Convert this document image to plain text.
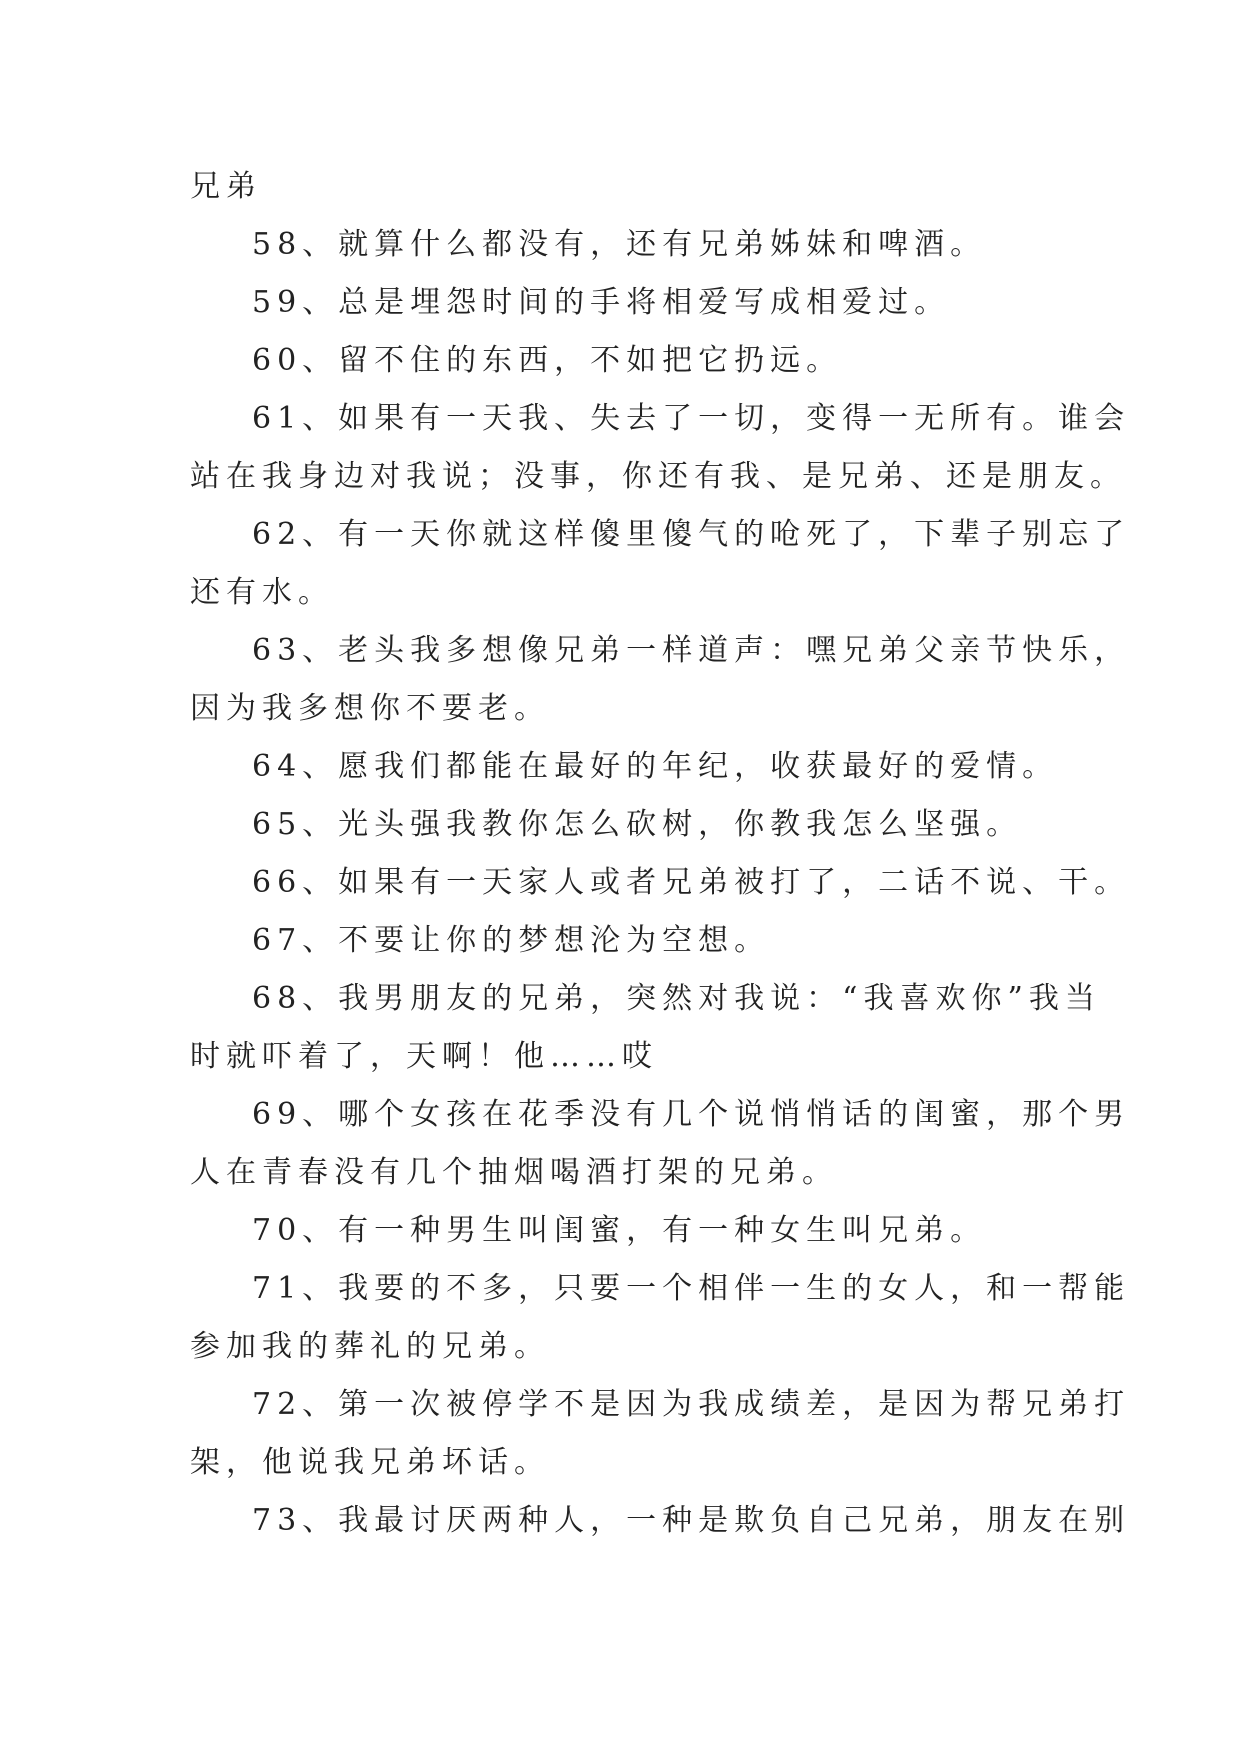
兄弟
58、就算什么都没有，还有兄弟姊妹和啤酒。
59、总是埋怨时间的手将相爱写成相爱过。
60、留不住的东西，不如把它扔远。
61、如果有一天我、失去了一切，变得一无所有。谁会
站在我身边对我说；没事，你还有我、是兄弟、还是朋友。
62、有一天你就这样傻里傻气的呛死了，下辈子别忘了
还有水。
63、老头我多想像兄弟一样道声：嘿兄弟父亲节快乐，
因为我多想你不要老。
64、愿我们都能在最好的年纪，收获最好的爱情。
65、光头强我教你怎么砍树，你教我怎么坚强。
66、如果有一天家人或者兄弟被打了，二话不说、干。
67、不要让你的梦想沦为空想。
68、我男朋友的兄弟，突然对我说：“我喜欢你”我当
时就吓着了，天啊！他……哎
69、哪个女孩在花季没有几个说悄悄话的闺蜜，那个男
人在青春没有几个抽烟喝酒打架的兄弟。
70、有一种男生叫闺蜜，有一种女生叫兄弟。
71、我要的不多，只要一个相伴一生的女人，和一帮能
参加我的葬礼的兄弟。
72、第一次被停学不是因为我成绩差，是因为帮兄弟打
架，他说我兄弟坏话。
73、我最讨厌两种人，一种是欺负自己兄弟，朋友在别
